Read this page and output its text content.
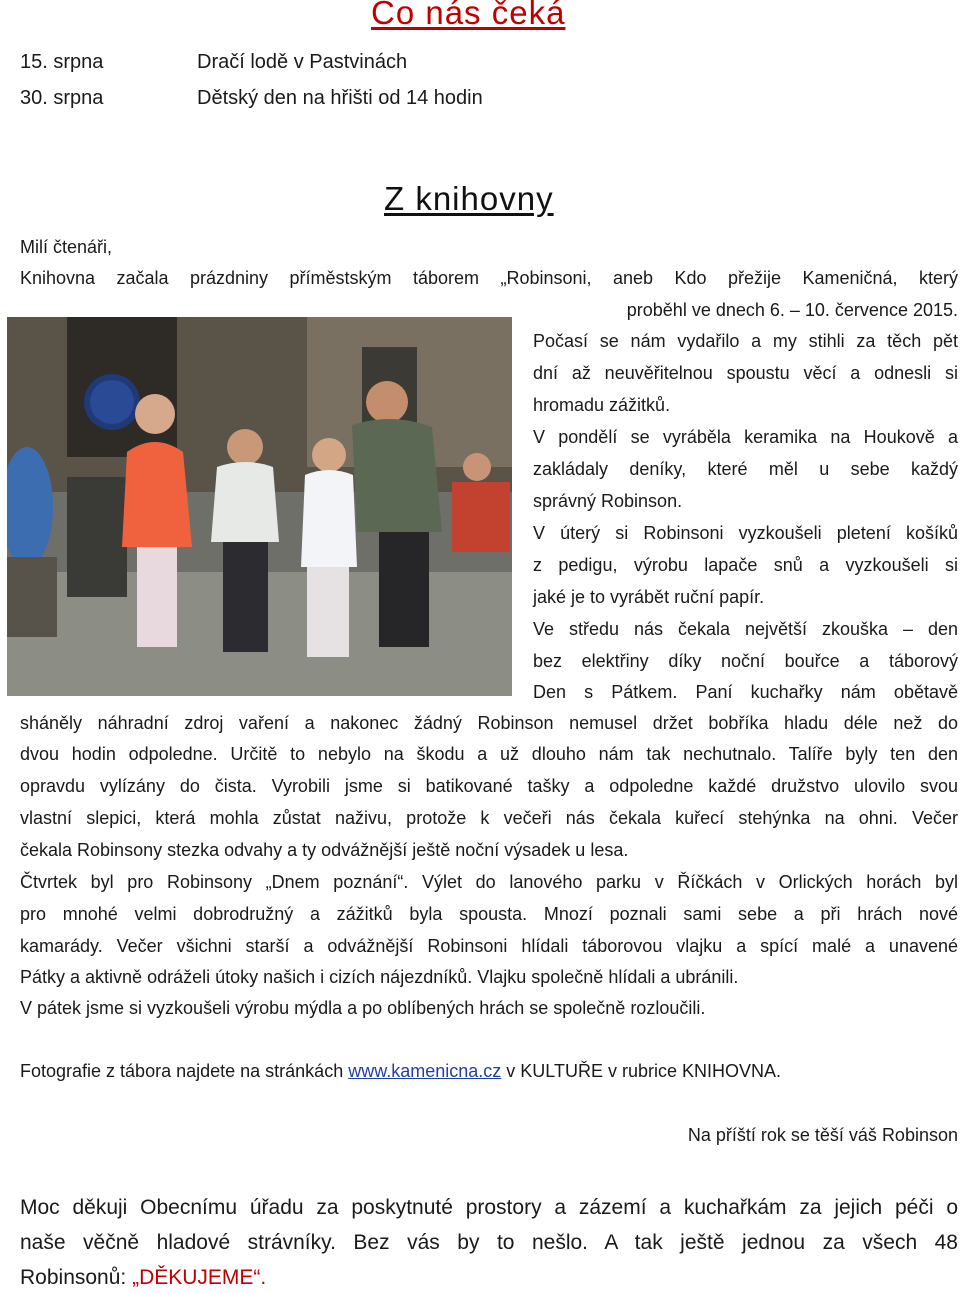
Co nás čeká
15. srpna	Dračí lodě v Pastvinách
30. srpna	Dětský den na hřišti od 14 hodin
Z knihovny
Milí čtenáři,
Knihovna začala prázdniny příměstským táborem „Robinsoni, aneb Kdo přežije Kameničná, který
proběhl ve dnech 6. – 10. července 2015.
Počasí se nám vydařilo a my stihli za těch pět
dní až neuvěřitelnou spoustu věcí a odnesli si
hromadu zážitků.
V pondělí se vyráběla keramika na Houkově a
zakládaly deníky, které měl u sebe každý
správný Robinson.
V úterý si Robinsoni vyzkoušeli pletení košíků
z pedigu, výrobu lapače snů a vyzkoušeli si
jaké je to vyrábět ruční papír.
Ve středu nás čekala největší zkouška – den
bez elektřiny díky noční bouřce a táborový
Den s Pátkem. Paní kuchařky nám obětavě
sháněly náhradní zdroj vaření a nakonec žádný Robinson nemusel držet bobříka hladu déle než do
dvou hodin odpoledne. Určitě to nebylo na škodu a už dlouho nám tak nechutnalo. Talíře byly ten den
opravdu vylízány do čista. Vyrobili jsme si batikované tašky a odpoledne každé družstvo ulovilo svou
vlastní slepici, která mohla zůstat naživu, protože k večeři nás čekala kuřecí stehýnka na ohni. Večer
čekala Robinsony stezka odvahy a ty odvážnější ještě noční výsadek u lesa.
Čtvrtek byl pro Robinsony „Dnem poznání“. Výlet do lanového parku v Říčkách v Orlických horách byl
pro mnohé velmi dobrodružný a zážitků byla spousta. Mnozí poznali sami sebe a při hrách nové
kamarády. Večer všichni starší a odvážnější Robinsoni hlídali táborovou vlajku a spící malé a unavené
Pátky a aktivně odráželi útoky našich i cizích nájezdníků. Vlajku společně hlídali a ubránili.
V pátek jsme si vyzkoušeli výrobu mýdla a po oblíbených hrách se společně rozloučili.
Fotografie z tábora najdete na stránkách www.kamenicna.cz v KULTUŘE v rubrice KNIHOVNA.
Na příští rok se těší váš Robinson
Moc děkuji Obecnímu úřadu za poskytnuté prostory a zázemí a kuchařkám za jejich péči o
naše věčně hladové strávníky. Bez vás by to nešlo. A tak ještě jednou za všech 48
Robinsonů: „DĚKUJEME“.
